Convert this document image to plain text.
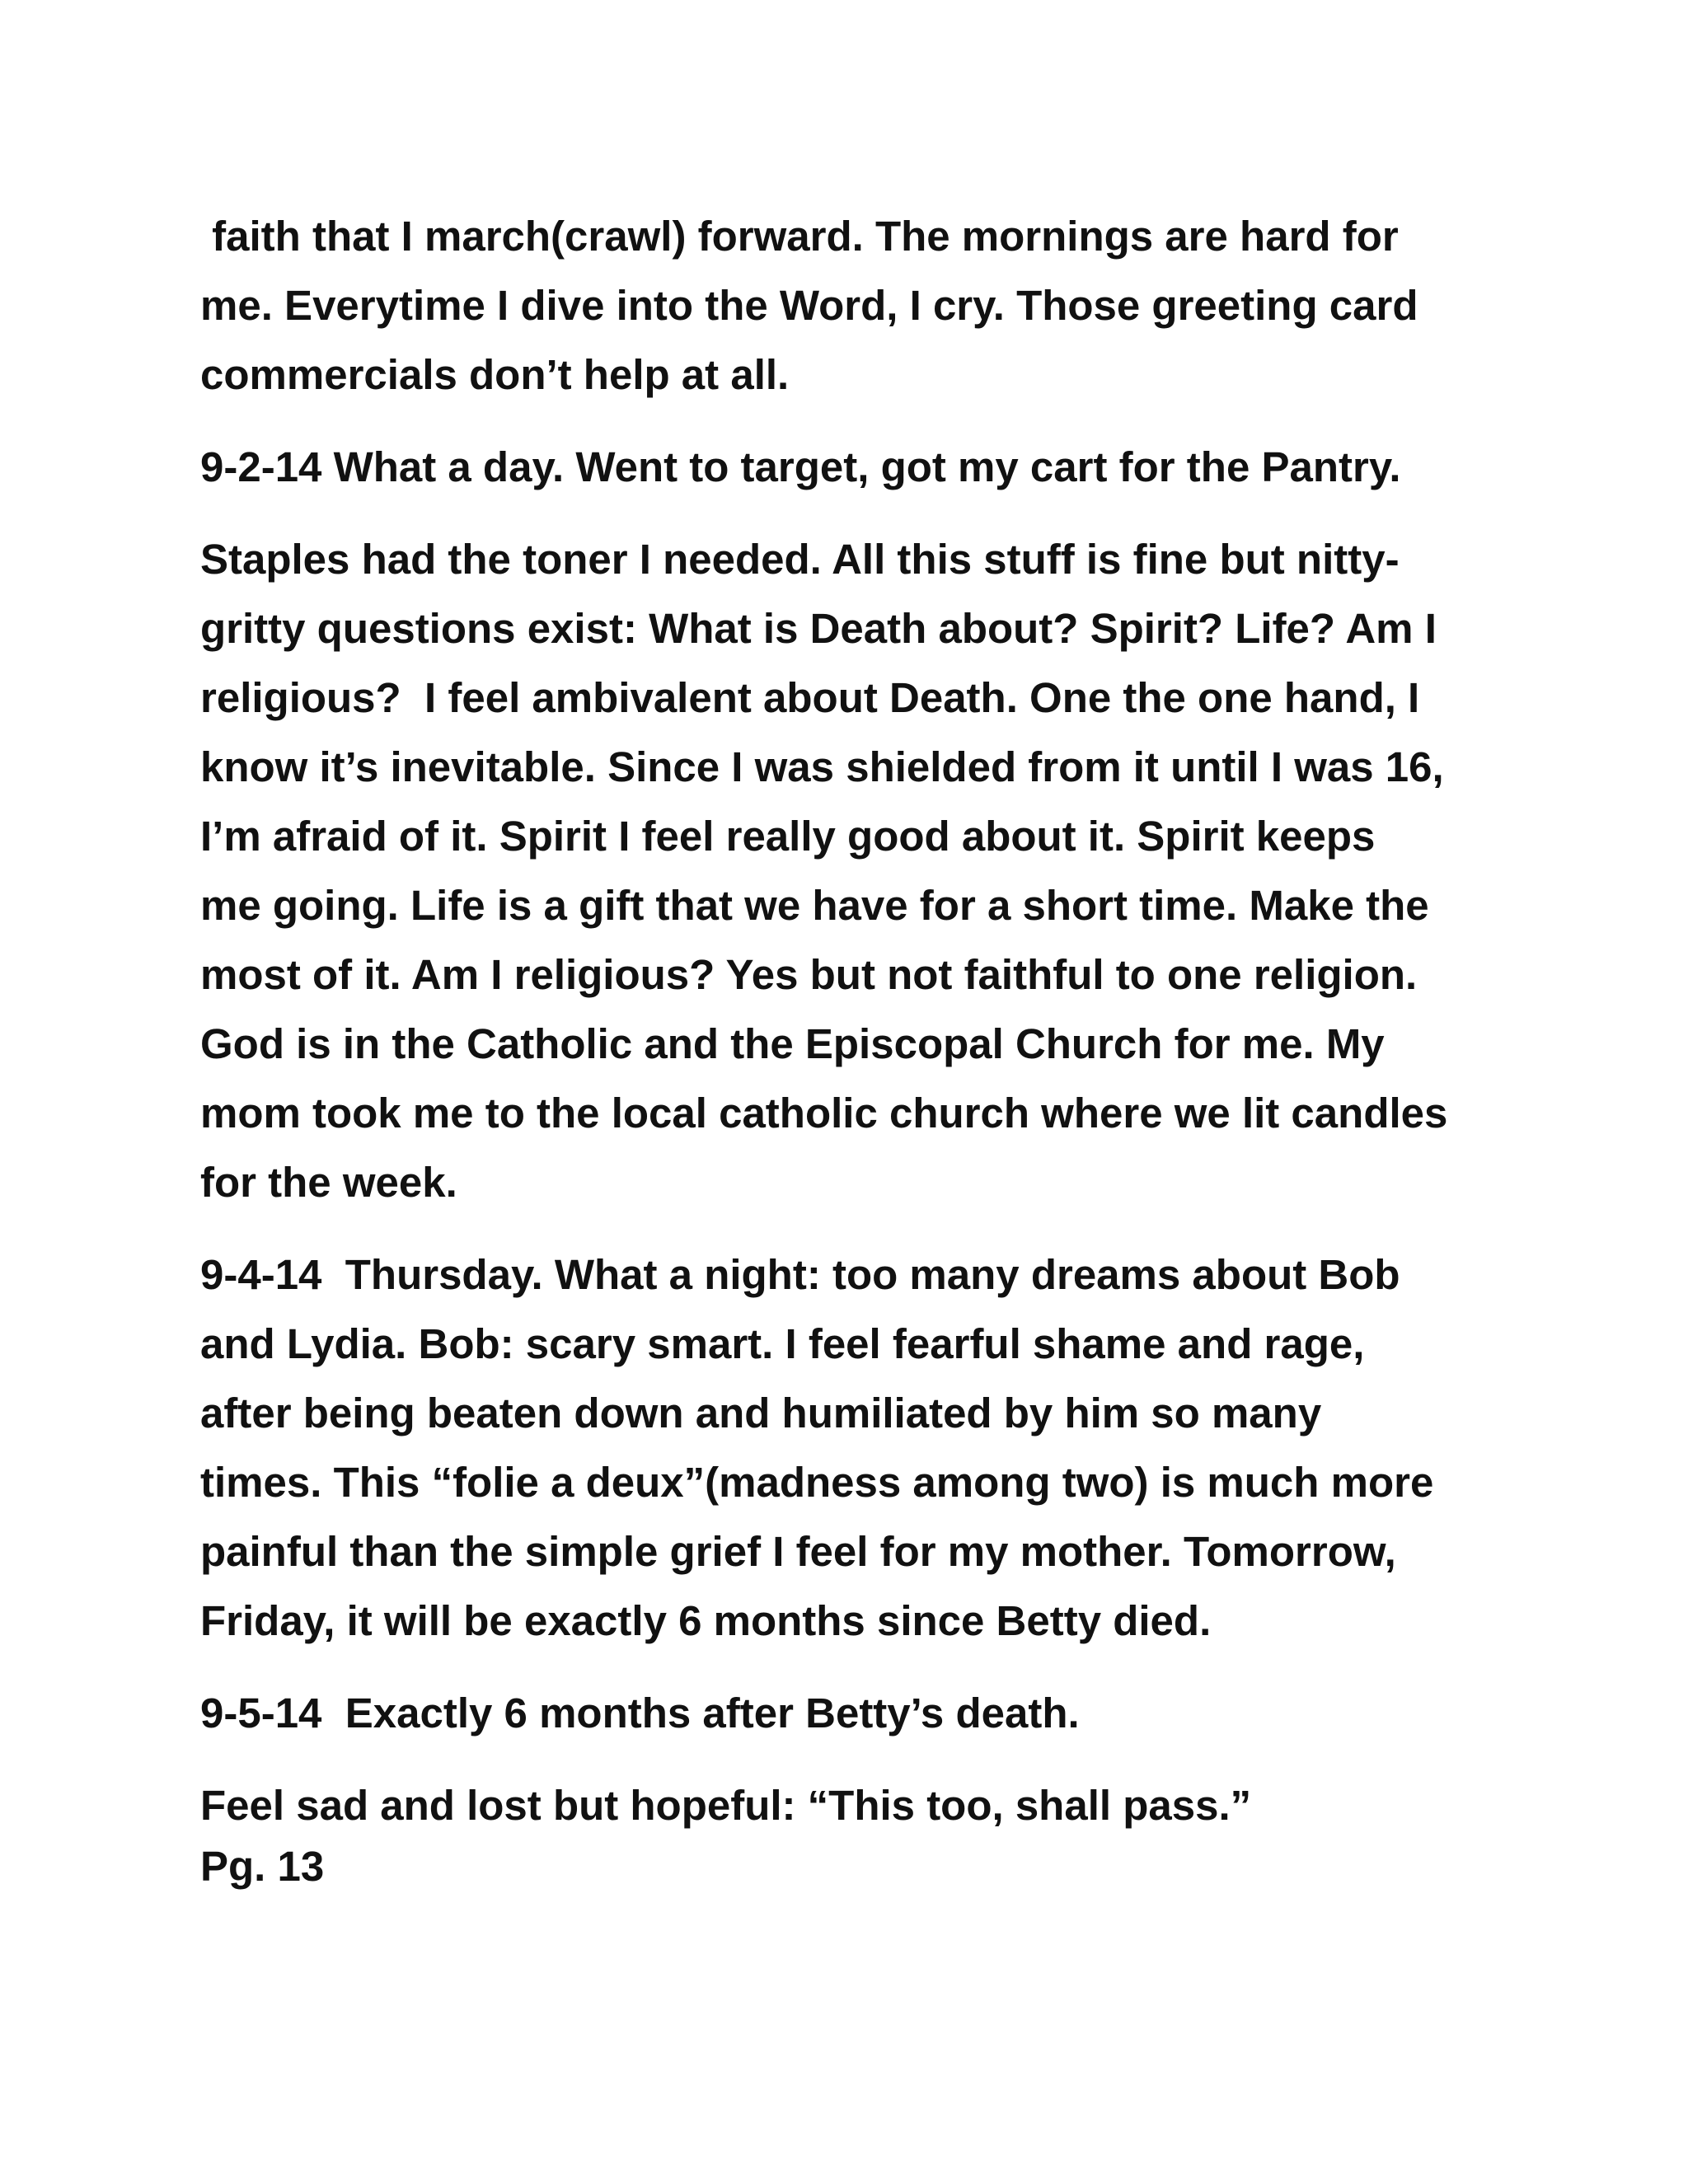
faith that I march(crawl) forward. The mornings are hard for
me. Everytime I dive into the Word, I cry. Those greeting card
commercials don’t help at all.
9-2-14 What a day. Went to target, got my cart for the Pantry.
Staples had the toner I needed. All this stuff is fine but nitty-
gritty questions exist: What is Death about? Spirit? Life? Am I
religious?  I feel ambivalent about Death. One the one hand, I
know it’s inevitable. Since I was shielded from it until I was 16,
I’m afraid of it. Spirit I feel really good about it. Spirit keeps
me going. Life is a gift that we have for a short time. Make the
most of it. Am I religious? Yes but not faithful to one religion.
God is in the Catholic and the Episcopal Church for me. My
mom took me to the local catholic church where we lit candles
for the week.
9-4-14  Thursday. What a night: too many dreams about Bob
and Lydia. Bob: scary smart. I feel fearful shame and rage,
after being beaten down and humiliated by him so many
times. This “folie a deux”(madness among two) is much more
painful than the simple grief I feel for my mother. Tomorrow,
Friday, it will be exactly 6 months since Betty died.
9-5-14  Exactly 6 months after Betty’s death.
Feel sad and lost but hopeful: “This too, shall pass.”
Pg. 13
